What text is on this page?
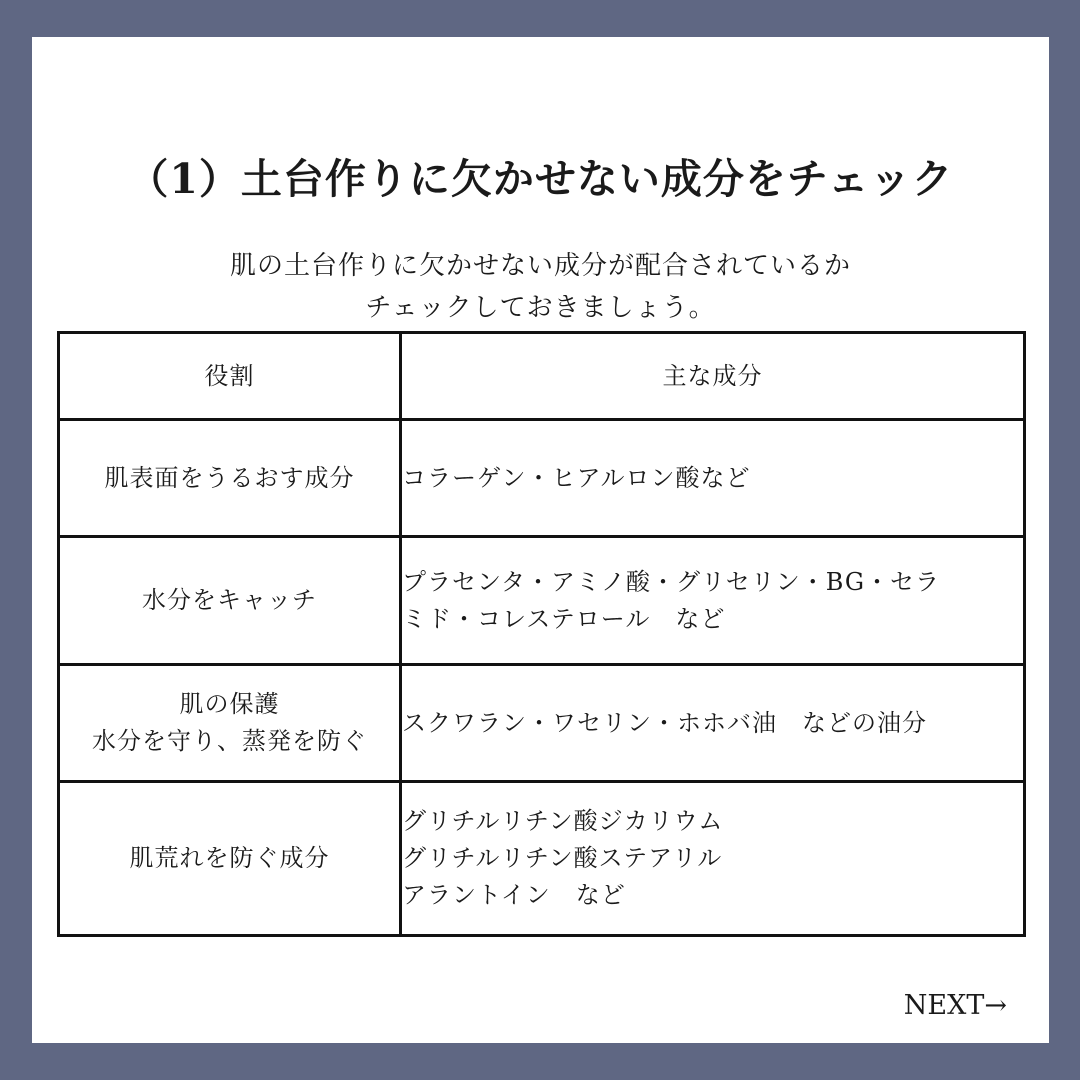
（1）土台作りに欠かせない成分をチェック
肌の土台作りに欠かせない成分が配合されているか
チェックしておきましょう。
役割	主な成分

肌表面をうるおす成分	コラーゲン・ヒアルロン酸など

水分をキャッチ	プラセンタ・アミノ酸・グリセリン・BG・セラ
ミド・コレステロール　など

肌の保護
水分を守り、蒸発を防ぐ	スクワラン・ワセリン・ホホバ油　などの油分

肌荒れを防ぐ成分	グリチルリチン酸ジカリウム
グリチルリチン酸ステアリル
アラントイン　など
NEXT→
